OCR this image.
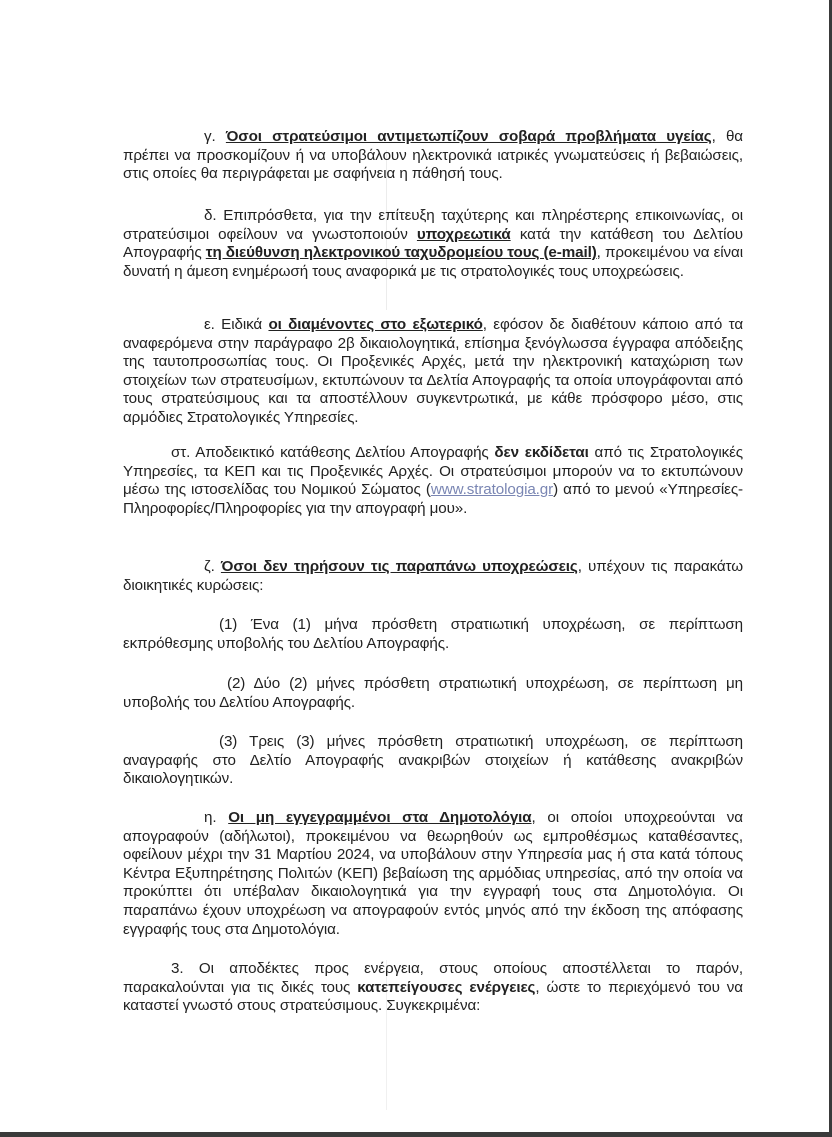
γ. Όσοι στρατεύσιμοι αντιμετωπίζουν σοβαρά προβλήματα υγείας, θα πρέπει να προσκομίζουν ή να υποβάλουν ηλεκτρονικά ιατρικές γνωματεύσεις ή βεβαιώσεις, στις οποίες θα περιγράφεται με σαφήνεια η πάθησή τους.

δ. Επιπρόσθετα, για την επίτευξη ταχύτερης και πληρέστερης επικοινωνίας, οι στρατεύσιμοι οφείλουν να γνωστοποιούν υποχρεωτικά κατά την κατάθεση του Δελτίου Απογραφής τη διεύθυνση ηλεκτρονικού ταχυδρομείου τους (e-mail), προκειμένου να είναι δυνατή η άμεση ενημέρωσή τους αναφορικά με τις στρατολογικές τους υποχρεώσεις.

ε. Ειδικά οι διαμένοντες στο εξωτερικό, εφόσον δε διαθέτουν κάποιο από τα αναφερόμενα στην παράγραφο 2β δικαιολογητικά, επίσημα ξενόγλωσσα έγγραφα απόδειξης της ταυτοπροσωπίας τους. Οι Προξενικές Αρχές, μετά την ηλεκτρονική καταχώριση των στοιχείων των στρατευσίμων, εκτυπώνουν τα Δελτία Απογραφής τα οποία υπογράφονται από τους στρατεύσιμους και τα αποστέλλουν συγκεντρωτικά, με κάθε πρόσφορο μέσο, στις αρμόδιες Στρατολογικές Υπηρεσίες.

στ. Αποδεικτικό κατάθεσης Δελτίου Απογραφής δεν εκδίδεται από τις Στρατολογικές Υπηρεσίες, τα ΚΕΠ και τις Προξενικές Αρχές. Οι στρατεύσιμοι μπορούν να το εκτυπώνουν μέσω της ιστοσελίδας του Νομικού Σώματος (www.stratologia.gr) από το μενού «Υπηρεσίες-Πληροφορίες/Πληροφορίες για την απογραφή μου».

ζ. Όσοι δεν τηρήσουν τις παραπάνω υποχρεώσεις, υπέχουν τις παρακάτω διοικητικές κυρώσεις:

(1) Ένα (1) μήνα πρόσθετη στρατιωτική υποχρέωση, σε περίπτωση εκπρόθεσμης υποβολής του Δελτίου Απογραφής.

(2) Δύο (2) μήνες πρόσθετη στρατιωτική υποχρέωση, σε περίπτωση μη υποβολής του Δελτίου Απογραφής.

(3) Τρεις (3) μήνες πρόσθετη στρατιωτική υποχρέωση, σε περίπτωση αναγραφής στο Δελτίο Απογραφής ανακριβών στοιχείων ή κατάθεσης ανακριβών δικαιολογητικών.

η. Οι μη εγγεγραμμένοι στα Δημοτολόγια, οι οποίοι υποχρεούνται να απογραφούν (αδήλωτοι), προκειμένου να θεωρηθούν ως εμπροθέσμως καταθέσαντες, οφείλουν μέχρι την 31 Μαρτίου 2024, να υποβάλουν στην Υπηρεσία μας ή στα κατά τόπους Κέντρα Εξυπηρέτησης Πολιτών (ΚΕΠ) βεβαίωση της αρμόδιας υπηρεσίας, από την οποία να προκύπτει ότι υπέβαλαν δικαιολογητικά για την εγγραφή τους στα Δημοτολόγια. Οι παραπάνω έχουν υποχρέωση να απογραφούν εντός μηνός από την έκδοση της απόφασης εγγραφής τους στα Δημοτολόγια.

3. Οι αποδέκτες προς ενέργεια, στους οποίους αποστέλλεται το παρόν, παρακαλούνται για τις δικές τους κατεπείγουσες ενέργειες, ώστε το περιεχόμενό του να καταστεί γνωστό στους στρατεύσιμους. Συγκεκριμένα:
